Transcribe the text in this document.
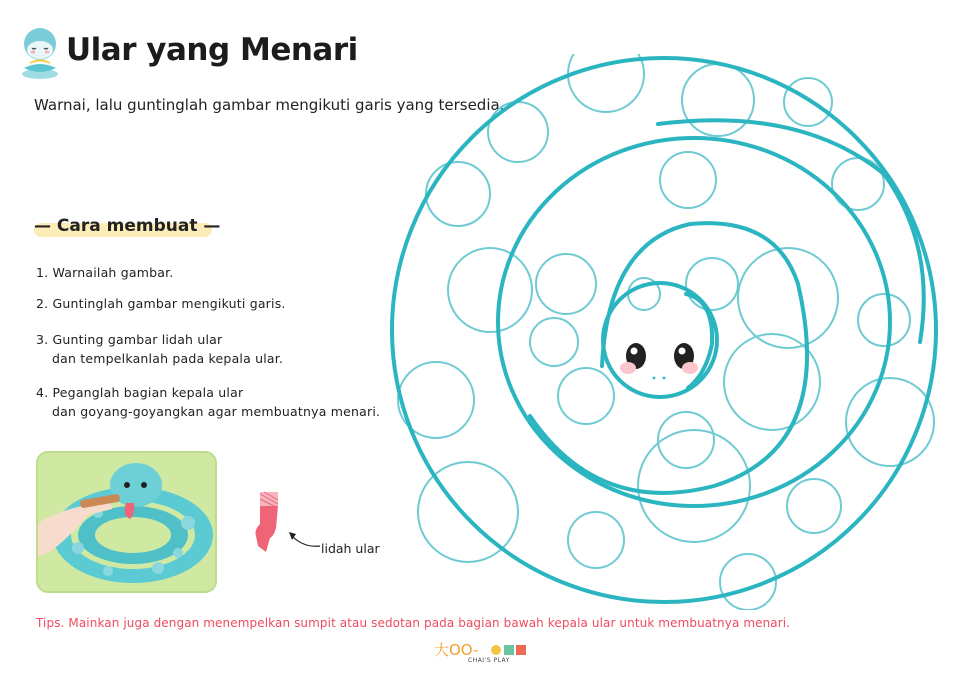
Ular yang Menari
Warnai, lalu guntinglah gambar mengikuti garis yang tersedia.
— Cara membuat —
1. Warnailah gambar.
2. Guntinglah gambar mengikuti garis.
3. Gunting gambar lidah ular
dan tempelkanlah pada kepala ular.
4. Peganglah bagian kepala ular
dan goyang-goyangkan agar membuatnya menari.
lidah ular
Tips. Mainkan juga dengan menempelkan sumpit atau sedotan pada bagian bawah kepala ular untuk membuatnya menari.
大OO-
CHAI'S PLAY
